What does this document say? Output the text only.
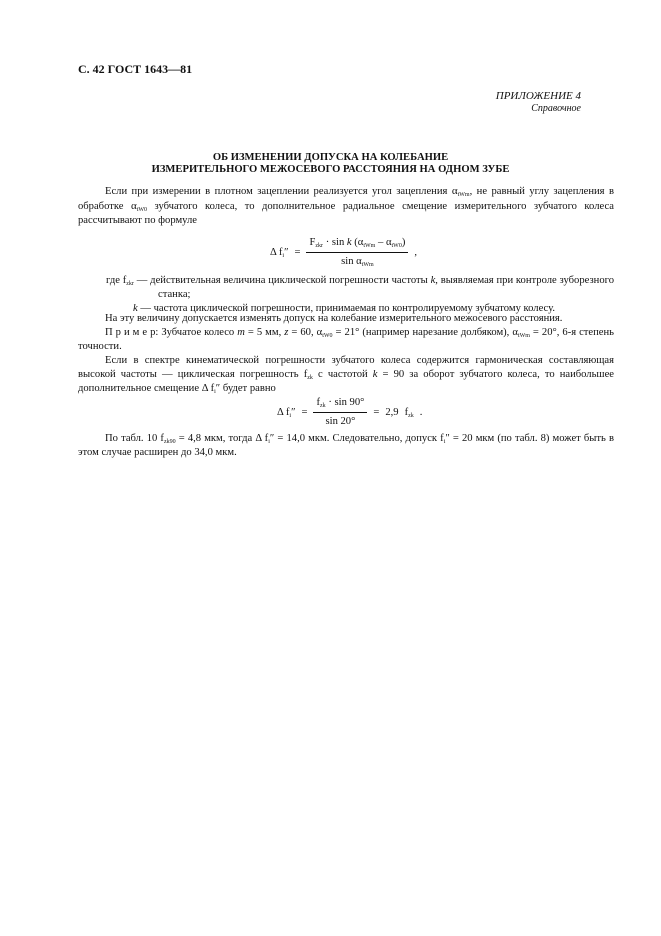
С. 42 ГОСТ 1643—81
ПРИЛОЖЕНИЕ 4
Справочное
ОБ ИЗМЕНЕНИИ ДОПУСКА НА КОЛЕБАНИЕ
ИЗМЕРИТЕЛЬНОГО МЕЖОСЕВОГО РАССТОЯНИЯ НА ОДНОМ ЗУБЕ

Если при измерении в плотном зацеплении реализуется угол зацепления $\alpha_{tWm}$, не равный углу зацепления в обработке $\alpha_{tW0}$ зубчатого колеса, то дополнительное радиальное смещение измерительного зубчатого колеса рассчитывают по формуле

Δ $f_i'' = \frac{F_{zkr} \cdot \sin k (\alpha_{tWm} - \alpha_{tW0})}{\sin \alpha_{tWm}}$ ,

где $f_{zkr}$ — действительная величина циклической погрешности частоты k, выявляемая при контроле зуборезного станка;

k — частота циклической погрешности, принимаемая по контролируемому зубчатому колесу.

На эту величину допускается изменять допуск на колебание измерительного межосевого расстояния.

П р и м е р: Зубчатое колесо m = 5 мм, z = 60, $\alpha_{tW0} = 21^\circ$ (например нарезание долбяком), $\alpha_{tWm} = 20^\circ$, 6-я степень точности.

Если в спектре кинематической погрешности зубчатого колеса содержится гармоническая составляющая высокой частоты — циклическая погрешность $f_{zk}$ с частотой k = 90 за оборот зубчатого колеса, то наибольшее дополнительное смещение Δ $f_i''$ будет равно

Δ $f_i'' = \frac{f_{zk} \cdot \sin 90^\circ}{\sin 20^\circ} = 2,9$ $f_{zk}$ .

По табл. 10 $f_{zk90} = 4,8$ мкм, тогда Δ $f_i'' = 14,0$ мкм. Следовательно, допуск $f_i'' = 20$ мкм (по табл. 8) может быть в этом случае расширен до 34,0 мкм.
